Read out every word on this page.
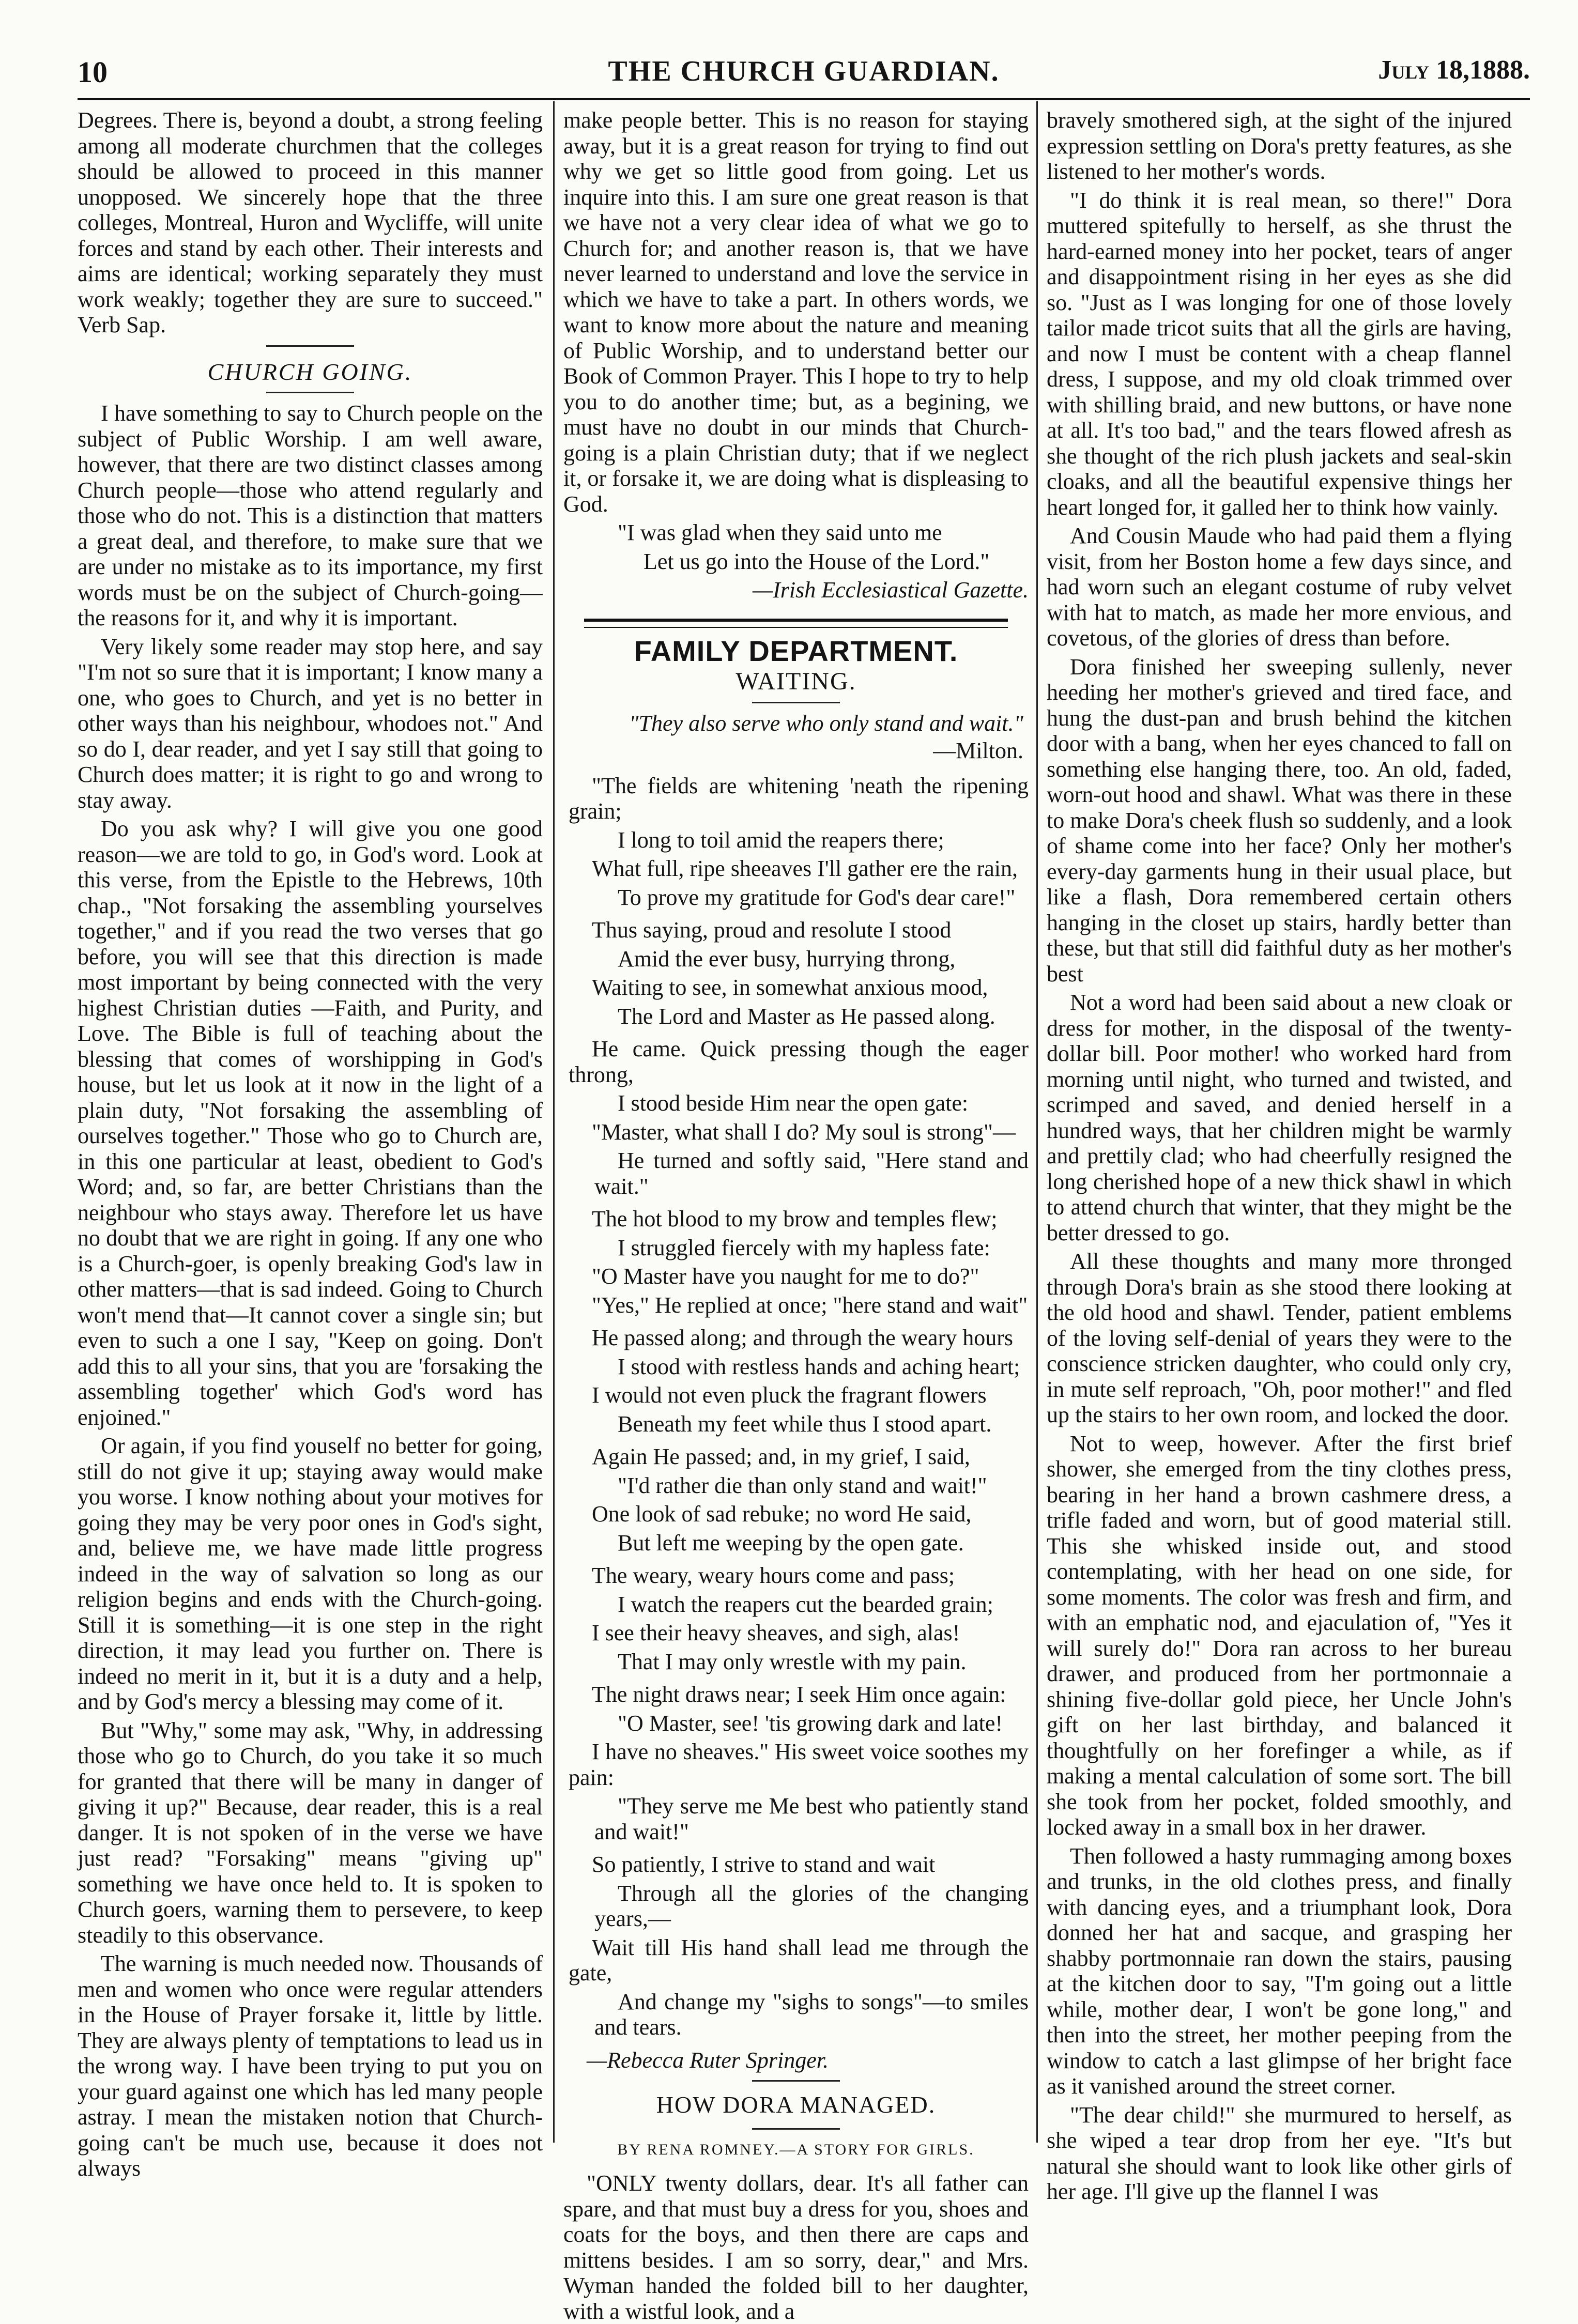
10	THE CHURCH GUARDIAN.	July 18,1888.

Degrees. There is, beyond a doubt, a strong feeling among all moderate churchmen that the colleges should be allowed to proceed in this manner unopposed. We sincerely hope that the three colleges, Montreal, Huron and Wycliffe, will unite forces and stand by each other. Their interests and aims are identical; working separately they must work weakly; together they are sure to succeed." Verb Sap.

CHURCH GOING.

I have something to say to Church people on the subject of Public Worship. I am well aware, however, that there are two distinct classes among Church people—those who attend regularly and those who do not. This is a distinction that matters a great deal, and therefore, to make sure that we are under no mistake as to its importance, my first words must be on the subject of Church-going—the reasons for it, and why it is important.

Very likely some reader may stop here, and say "I'm not so sure that it is important; I know many a one, who goes to Church, and yet is no better in other ways than his neighbour, whodoes not." And so do I, dear reader, and yet I say still that going to Church does matter; it is right to go and wrong to stay away.

Do you ask why? I will give you one good reason—we are told to go, in God's word. Look at this verse, from the Epistle to the Hebrews, 10th chap., "Not forsaking the assembling yourselves together," and if you read the two verses that go before, you will see that this direction is made most important by being connected with the very highest Christian duties —Faith, and Purity, and Love. The Bible is full of teaching about the blessing that comes of worshipping in God's house, but let us look at it now in the light of a plain duty, "Not forsaking the assembling of ourselves together." Those who go to Church are, in this one particular at least, obedient to God's Word; and, so far, are better Christians than the neighbour who stays away. Therefore let us have no doubt that we are right in going. If any one who is a Church-goer, is openly breaking God's law in other matters—that is sad indeed. Going to Church won't mend that—It cannot cover a single sin; but even to such a one I say, "Keep on going. Don't add this to all your sins, that you are 'forsaking the assembling together' which God's word has enjoined."

Or again, if you find youself no better for going, still do not give it up; staying away would make you worse. I know nothing about your motives for going they may be very poor ones in God's sight, and, believe me, we have made little progress indeed in the way of salvation so long as our religion begins and ends with the Church-going. Still it is something—it is one step in the right direction, it may lead you further on. There is indeed no merit in it, but it is a duty and a help, and by God's mercy a blessing may come of it.

But "Why," some may ask, "Why, in addressing those who go to Church, do you take it so much for granted that there will be many in danger of giving it up?" Because, dear reader, this is a real danger. It is not spoken of in the verse we have just read? "Forsaking" means "giving up" something we have once held to. It is spoken to Church goers, warning them to persevere, to keep steadily to this observance.

The warning is much needed now. Thousands of men and women who once were regular attenders in the House of Prayer forsake it, little by little. They are always plenty of temptations to lead us in the wrong way. I have been trying to put you on your guard against one which has led many people astray. I mean the mistaken notion that Church-going can't be much use, because it does not always

make people better. This is no reason for staying away, but it is a great reason for trying to find out why we get so little good from going. Let us inquire into this. I am sure one great reason is that we have not a very clear idea of what we go to Church for; and another reason is, that we have never learned to understand and love the service in which we have to take a part. In others words, we want to know more about the nature and meaning of Public Worship, and to understand better our Book of Common Prayer. This I hope to try to help you to do another time; but, as a begining, we must have no doubt in our minds that Church-going is a plain Christian duty; that if we neglect it, or forsake it, we are doing what is displeasing to God.

"I was glad when they said unto me

Let us go into the House of the Lord."

—Irish Ecclesiastical Gazette.

FAMILY DEPARTMENT.
WAITING.

"They also serve who only stand and wait."

—Milton.

"The fields are whitening 'neath the ripening grain;

I long to toil amid the reapers there;

What full, ripe sheeaves I'll gather ere the rain,

To prove my gratitude for God's dear care!"

Thus saying, proud and resolute I stood

Amid the ever busy, hurrying throng,

Waiting to see, in somewhat anxious mood,

The Lord and Master as He passed along.

He came. Quick pressing though the eager throng,

I stood beside Him near the open gate:

"Master, what shall I do? My soul is strong"—

He turned and softly said, "Here stand and wait."

The hot blood to my brow and temples flew;

I struggled fiercely with my hapless fate:

"O Master have you naught for me to do?"

"Yes," He replied at once; "here stand and wait"

He passed along; and through the weary hours

I stood with restless hands and aching heart;

I would not even pluck the fragrant flowers

Beneath my feet while thus I stood apart.

Again He passed; and, in my grief, I said,

"I'd rather die than only stand and wait!"

One look of sad rebuke; no word He said,

But left me weeping by the open gate.

The weary, weary hours come and pass;

I watch the reapers cut the bearded grain;

I see their heavy sheaves, and sigh, alas!

That I may only wrestle with my pain.

The night draws near; I seek Him once again:

"O Master, see! 'tis growing dark and late!

I have no sheaves." His sweet voice soothes my pain:

"They serve me Me best who patiently stand and wait!"

So patiently, I strive to stand and wait

Through all the glories of the changing years,—

Wait till His hand shall lead me through the gate,

And change my "sighs to songs"—to smiles and tears.

—Rebecca Ruter Springer.

HOW DORA MANAGED.

BY RENA ROMNEY.—A STORY FOR GIRLS.

"ONLY twenty dollars, dear. It's all father can spare, and that must buy a dress for you, shoes and coats for the boys, and then there are caps and mittens besides. I am so sorry, dear," and Mrs. Wyman handed the folded bill to her daughter, with a wistful look, and a

bravely smothered sigh, at the sight of the injured expression settling on Dora's pretty features, as she listened to her mother's words.

"I do think it is real mean, so there!" Dora muttered spitefully to herself, as she thrust the hard-earned money into her pocket, tears of anger and disappointment rising in her eyes as she did so. "Just as I was longing for one of those lovely tailor made tricot suits that all the girls are having, and now I must be content with a cheap flannel dress, I suppose, and my old cloak trimmed over with shilling braid, and new buttons, or have none at all. It's too bad," and the tears flowed afresh as she thought of the rich plush jackets and seal-skin cloaks, and all the beautiful expensive things her heart longed for, it galled her to think how vainly.

And Cousin Maude who had paid them a flying visit, from her Boston home a few days since, and had worn such an elegant costume of ruby velvet with hat to match, as made her more envious, and covetous, of the glories of dress than before.

Dora finished her sweeping sullenly, never heeding her mother's grieved and tired face, and hung the dust-pan and brush behind the kitchen door with a bang, when her eyes chanced to fall on something else hanging there, too. An old, faded, worn-out hood and shawl. What was there in these to make Dora's cheek flush so suddenly, and a look of shame come into her face? Only her mother's every-day garments hung in their usual place, but like a flash, Dora remembered certain others hanging in the closet up stairs, hardly better than these, but that still did faithful duty as her mother's best

Not a word had been said about a new cloak or dress for mother, in the disposal of the twenty-dollar bill. Poor mother! who worked hard from morning until night, who turned and twisted, and scrimped and saved, and denied herself in a hundred ways, that her children might be warmly and prettily clad; who had cheerfully resigned the long cherished hope of a new thick shawl in which to attend church that winter, that they might be the better dressed to go.

All these thoughts and many more thronged through Dora's brain as she stood there looking at the old hood and shawl. Tender, patient emblems of the loving self-denial of years they were to the conscience stricken daughter, who could only cry, in mute self reproach, "Oh, poor mother!" and fled up the stairs to her own room, and locked the door.

Not to weep, however. After the first brief shower, she emerged from the tiny clothes press, bearing in her hand a brown cashmere dress, a trifle faded and worn, but of good material still. This she whisked inside out, and stood contemplating, with her head on one side, for some moments. The color was fresh and firm, and with an emphatic nod, and ejaculation of, "Yes it will surely do!" Dora ran across to her bureau drawer, and produced from her portmonnaie a shining five-dollar gold piece, her Uncle John's gift on her last birthday, and balanced it thoughtfully on her forefinger a while, as if making a mental calculation of some sort. The bill she took from her pocket, folded smoothly, and locked away in a small box in her drawer.

Then followed a hasty rummaging among boxes and trunks, in the old clothes press, and finally with dancing eyes, and a triumphant look, Dora donned her hat and sacque, and grasping her shabby portmonnaie ran down the stairs, pausing at the kitchen door to say, "I'm going out a little while, mother dear, I won't be gone long," and then into the street, her mother peeping from the window to catch a last glimpse of her bright face as it vanished around the street corner.

"The dear child!" she murmured to herself, as she wiped a tear drop from her eye. "It's but natural she should want to look like other girls of her age. I'll give up the flannel I was
